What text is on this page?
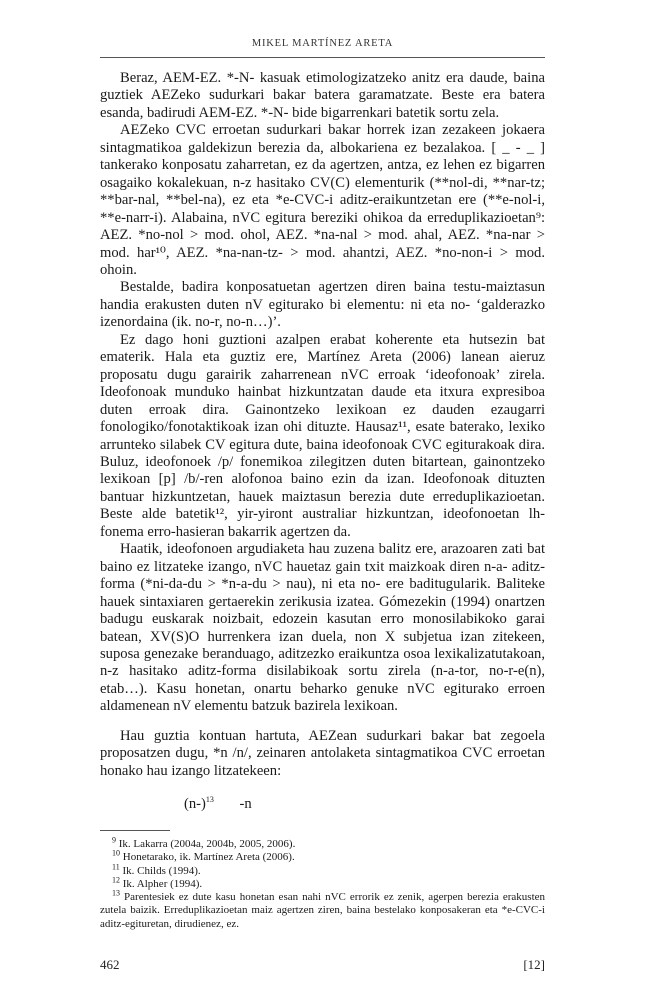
MIKEL MARTÍNEZ ARETA

Beraz, AEM-EZ. *-N- kasuak etimologizatzeko anitz era daude, baina guztiek AEZeko sudurkari bakar batera garamatzate. Beste era batera esanda, badirudi AEM-EZ. *-N- bide bigarrenkari batetik sortu zela.

AEZeko CVC erroetan sudurkari bakar horrek izan zezakeen jokaera sintagmatikoa galdekizun berezia da, albokariena ez bezalakoa. [ _ - _ ] tankerako konposatu zaharretan, ez da agertzen, antza, ez lehen ez bigarren osagaiko kokalekuan, n-z hasitako CV(C) elementurik (**nol-di, **nar-tz; **bar-nal, **bel-na), ez eta *e-CVC-i aditz-eraikuntzetan ere (**e-nol-i, **e-narr-i). Alabaina, nVC egitura bereziki ohikoa da erreduplikazioetan⁹: AEZ. *no-nol > mod. ohol, AEZ. *na-nal > mod. ahal, AEZ. *na-nar > mod. har¹⁰, AEZ. *na-nan-tz- > mod. ahantzi, AEZ. *no-non-i > mod. ohoin.

Bestalde, badira konposatuetan agertzen diren baina testu-maiztasun handia erakusten duten nV egiturako bi elementu: ni eta no- ‘galderazko izenordaina (ik. no-r, no-n…)’.

Ez dago honi guztioni azalpen erabat koherente eta hutsezin bat ematerik. Hala eta guztiz ere, Martínez Areta (2006) lanean aieruz proposatu dugu garairik zaharrenean nVC erroak ‘ideofonoak’ zirela. Ideofonoak munduko hainbat hizkuntzatan daude eta itxura expresiboa duten erroak dira. Gainontzeko lexikoan ez dauden ezaugarri fonologiko/fonotaktikoak izan ohi dituzte. Hausaz¹¹, esate baterako, lexiko arrunteko silabek CV egitura dute, baina ideofonoak CVC egiturakoak dira. Buluz, ideofonoek /p/ fonemikoa zilegitzen duten bitartean, gainontzeko lexikoan [p] /b/-ren alofonoa baino ezin da izan. Ideofonoak dituzten bantuar hizkuntzetan, hauek maiztasun berezia dute erreduplikazioetan. Beste alde batetik¹², yir-yiront australiar hizkuntzan, ideofonoetan lh- fonema erro-hasieran bakarrik agertzen da.

Haatik, ideofonoen argudiaketa hau zuzena balitz ere, arazoaren zati bat baino ez litzateke izango, nVC hauetaz gain txit maizkoak diren n-a- aditz-forma (*ni-da-du > *n-a-du > nau), ni eta no- ere baditugularik. Baliteke hauek sintaxiaren gertaerekin zerikusia izatea. Gómezekin (1994) onartzen badugu euskarak noizbait, edozein kasutan erro monosilabikoko garai batean, XV(S)O hurrenkera izan duela, non X subjetua izan zitekeen, suposa genezake beranduago, aditzezko eraikuntza osoa lexikalizatutakoan, n-z hasitako aditz-forma disilabikoak sortu zirela (n-a-tor, no-r-e(n), etab…). Kasu honetan, onartu beharko genuke nVC egiturako erroen aldamenean nV elementu batzuk bazirela lexikoan.

Hau guztia kontuan hartuta, AEZean sudurkari bakar bat zegoela proposatzen dugu, *n /n/, zeinaren antolaketa sintagmatikoa CVC erroetan honako hau izango litzatekeen:

$(n-)^{13}$ -n

$^9$ Ik. Lakarra (2004a, 2004b, 2005, 2006).

$^{10}$ Honetarako, ik. Martínez Areta (2006).

$^{11}$ Ik. Childs (1994).

$^{12}$ Ik. Alpher (1994).

$^{13}$ Parentesiek ez dute kasu honetan esan nahi nVC errorik ez zenik, agerpen berezia erakusten zutela baizik. Erreduplikazioetan maiz agertzen ziren, baina bestelako konposakeran eta *e-CVC-i aditz-egituretan, dirudienez, ez.

462	[12]
